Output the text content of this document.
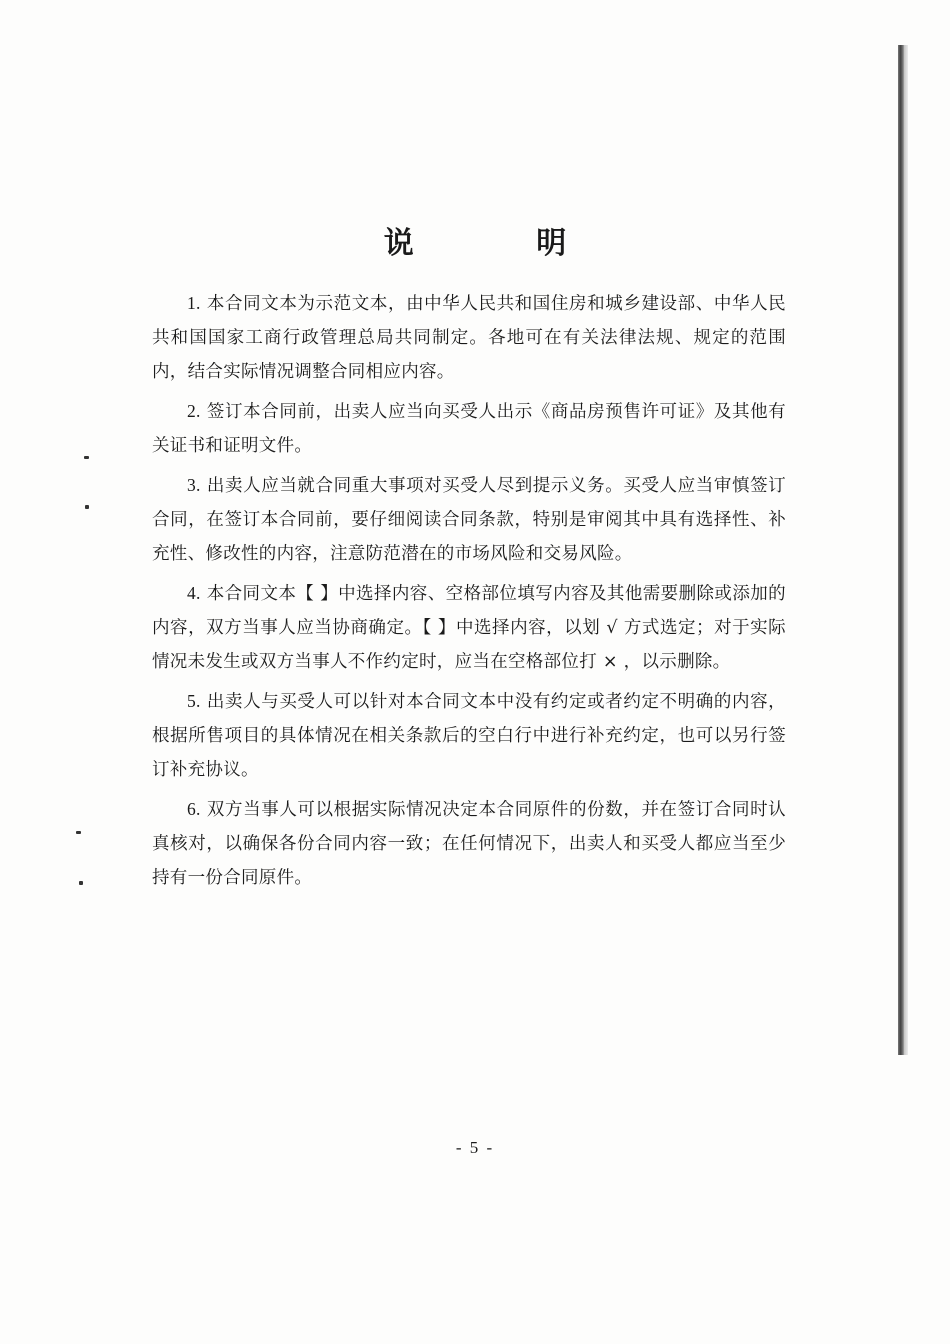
说 明

1. 本合同文本为示范文本，由中华人民共和国住房和城乡建设部、中华人民共和国国家工商行政管理总局共同制定。各地可在有关法律法规、规定的范围内，结合实际情况调整合同相应内容。

2. 签订本合同前，出卖人应当向买受人出示《商品房预售许可证》及其他有关证书和证明文件。

3. 出卖人应当就合同重大事项对买受人尽到提示义务。买受人应当审慎签订合同，在签订本合同前，要仔细阅读合同条款，特别是审阅其中具有选择性、补充性、修改性的内容，注意防范潜在的市场风险和交易风险。

4. 本合同文本【 】中选择内容、空格部位填写内容及其他需要删除或添加的内容，双方当事人应当协商确定。【 】中选择内容，以划 √ 方式选定；对于实际情况未发生或双方当事人不作约定时，应当在空格部位打 × ，以示删除。

5. 出卖人与买受人可以针对本合同文本中没有约定或者约定不明确的内容，根据所售项目的具体情况在相关条款后的空白行中进行补充约定，也可以另行签订补充协议。

6. 双方当事人可以根据实际情况决定本合同原件的份数，并在签订合同时认真核对，以确保各份合同内容一致；在任何情况下，出卖人和买受人都应当至少持有一份合同原件。

- 5 -
